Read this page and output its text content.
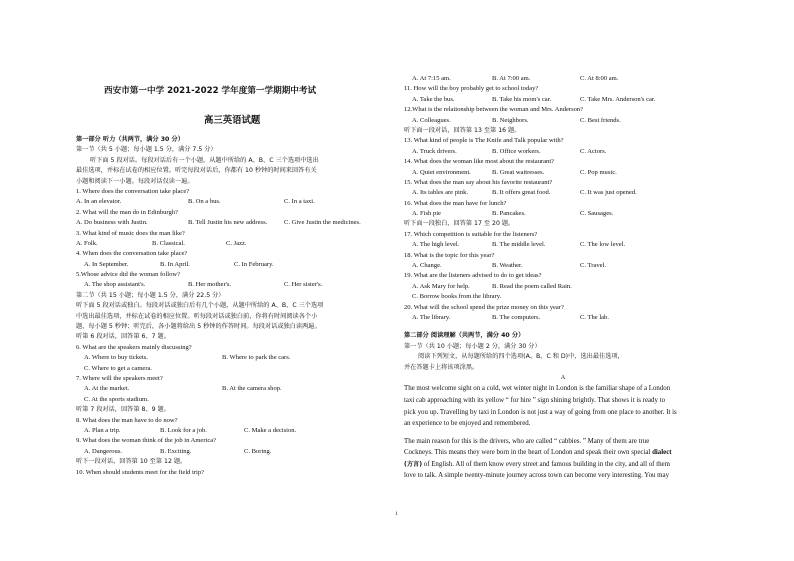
西安市第一中学 2021-2022 学年度第一学期期中考试
高三英语试题
第一部分 听力（共两节，满分 30 分）
第一节（共 5 小题；每小题 1.5 分，满分 7.5 分）
听下面 5 段对话。每段对话后有一个小题，从题中所给的 A、B、C 三个选项中选出
最佳选项，并标在试卷的相应位置。听完每段对话后，你都有 10 秒钟的时间来回答有关
小题和阅读下一小题。每段对话仅读一遍。
1. Where does the conversation take place?
A. In an elevator.	B. On a bus.	C. In a taxi.
2. What will the man do in Edinburgh?
A. Do business with Justin.	B. Tell Justin his new address.	C. Give Justin the medicines.
3. What kind of music does the man like?
A. Folk.	B. Classical.	C. Jazz.
4. When does the conversation take place?
A. In September.	B. In April.	C. In February.
5.Whose advice did the woman follow?
A. The shop assistant's.	B. Her mother's.	C. Her sister's.
第二节（共 15 小题；每小题 1.5 分，满分 22.5 分）
听下面 5 段对话或独白。每段对话或独白后有几个小题，从题中所给的 A、B、C 三个选项
中选出最佳选项，并标在试卷的相应位置。听每段对话或独白前，你将有时间阅读各个小
题，每小题 5 秒钟；听完后，各小题将给出 5 秒钟的作答时间。每段对话或独白读两遍。
听第 6 段对话，回答第 6、7 题。
6. What are the speakers mainly discussing?
A. Where to buy tickets.	B. Where to park the cars.
C. Where to get a camera.
7. Where will the speakers meet?
A. At the market.	B. At the camera shop.
C. At the sports stadium.
听第 7 段对话，回答第 8、9 题。
8. What does the man have to do now?
A. Plan a trip.	B. Look for a job.	C. Make a decision.
9. What does the woman think of the job in America?
A. Dangerous.	B. Exciting.	C. Boring.
听下一段对话，回答第 10 至第 12 题。
10. When should students meet for the field trip?
A. At 7:15 am.	B. At 7:00 am.	C. At 8:00 am.
11. How will the boy probably get to school today?
A. Take the bus.	B. Take his mom's car.	C. Take Mrs. Anderson's car.
12.What is the relationship between the woman and Mrs. Anderson?
A. Colleagues.	B. Neighbors.	C. Best friends.
听下面一段对话，回答第 13 至第 16 题。
13. What kind of people is The Knife and Talk popular with?
A. Truck drivers.	B. Office workers.	C. Actors.
14. What does the woman like most about the restaurant?
A. Quiet environment.	B. Great waitresses.	C. Pop music.
15. What does the man say about his favorite restaurant?
A. Its tables are pink.	B. It offers great food.	C. It was just opened.
16. What does the man have for lunch?
A. Fish pie	B. Pancakes.	C. Sausages.
听下面一段独白，回答第 17 至 20 题。
17. Which competition is suitable for the listeners?
A. The high level.	B. The middle level.	C. The low level.
18. What is the topic for this year?
A. Change.	B. Weather.	C. Travel.
19. What are the listeners advised to do to get ideas?
A. Ask Mary for help.	B. Read the poem called Rain.
C. Borrow books from the library.
20. What will the school spend the prize money on this year?
A. The library.	B. The computers.	C. The lab.
第二部分 阅读理解（共两节，满分 40 分）
第一节（共 10 小题；每小题 2 分，满分 30 分）
阅读下列短文，从每题所给的四个选项(A、B、C 和 D)中，选出最佳选项，
并在答题卡上将该项涂黑。
A
The most welcome sight on a cold, wet winter night in London is the familiar shape of a London
taxi cab approaching with its yellow “ for hire ” sign shining brightly. That shows it is ready to
pick you up. Travelling by taxi in London is not just a way of going from one place to another. It is
an experience to be enjoyed and remembered.
The main reason for this is the drivers, who are called “ cabbies. ” Many of them are true
Cockneys. This means they were born in the heart of London and speak their own special dialect
(方言) of English. All of them know every street and famous building in the city, and all of them
love to talk. A simple twenty-minute journey across town can become very interesting. You may
1
